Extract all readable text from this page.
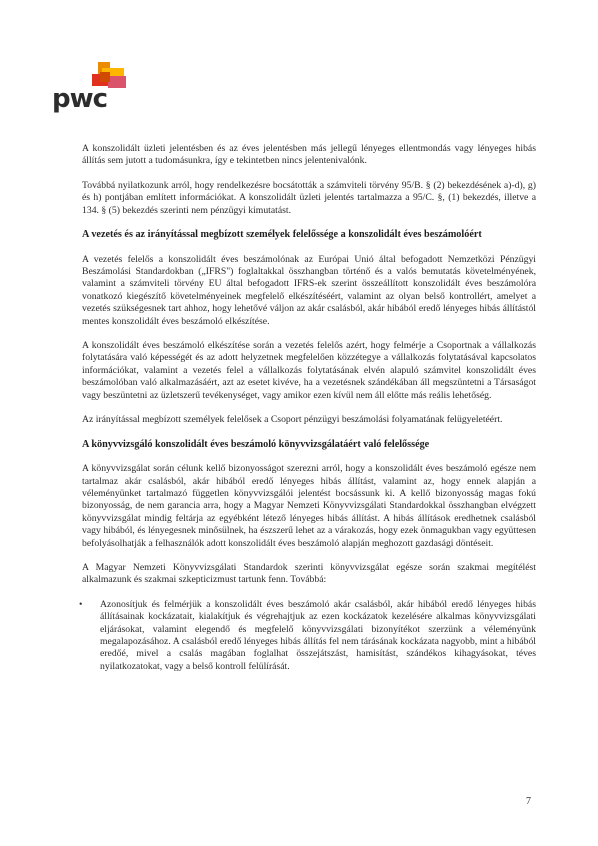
pwc

A konszolidált üzleti jelentésben és az éves jelentésben más jellegű lényeges ellentmondás vagy lényeges hibás állítás sem jutott a tudomásunkra, így e tekintetben nincs jelentenivalónk.

Továbbá nyilatkozunk arról, hogy rendelkezésre bocsátották a számviteli törvény 95/B. § (2) bekezdésének a)-d), g) és h) pontjában említett információkat. A konszolidált üzleti jelentés tartalmazza a 95/C. §, (1) bekezdés, illetve a 134. § (5) bekezdés szerinti nem pénzügyi kimutatást.

A vezetés és az irányítással megbízott személyek felelőssége a konszolidált éves beszámolóért

A vezetés felelős a konszolidált éves beszámolónak az Európai Unió által befogadott Nemzetközi Pénzügyi Beszámolási Standardokban („IFRS") foglaltakkal összhangban történő és a valós bemutatás követelményének, valamint a számviteli törvény EU által befogadott IFRS-ek szerint összeállított konszolidált éves beszámolóra vonatkozó kiegészítő követelményeinek megfelelő elkészítéséért, valamint az olyan belső kontrollért, amelyet a vezetés szükségesnek tart ahhoz, hogy lehetővé váljon az akár csalásból, akár hibából eredő lényeges hibás állítástól mentes konszolidált éves beszámoló elkészítése.

A konszolidált éves beszámoló elkészítése során a vezetés felelős azért, hogy felmérje a Csoportnak a vállalkozás folytatására való képességét és az adott helyzetnek megfelelően közzétegye a vállalkozás folytatásával kapcsolatos információkat, valamint a vezetés felel a vállalkozás folytatásának elvén alapuló számvitel konszolidált éves beszámolóban való alkalmazásáért, azt az esetet kivéve, ha a vezetésnek szándékában áll megszüntetni a Társaságot vagy beszüntetni az üzletszerű tevékenységet, vagy amikor ezen kívül nem áll előtte más reális lehetőség.

Az irányítással megbízott személyek felelősek a Csoport pénzügyi beszámolási folyamatának felügyeletéért.

A könyvvizsgáló konszolidált éves beszámoló könyvvizsgálatáért való felelőssége

A könyvvizsgálat során célunk kellő bizonyosságot szerezni arról, hogy a konszolidált éves beszámoló egésze nem tartalmaz akár csalásból, akár hibából eredő lényeges hibás állítást, valamint az, hogy ennek alapján a véleményünket tartalmazó független könyvvizsgálói jelentést bocsássunk ki. A kellő bizonyosság magas fokú bizonyosság, de nem garancia arra, hogy a Magyar Nemzeti Könyvvizsgálati Standardokkal összhangban elvégzett könyvvizsgálat mindig feltárja az egyébként létező lényeges hibás állítást. A hibás állítások eredhetnek csalásból vagy hibából, és lényegesnek minősülnek, ha észszerű lehet az a várakozás, hogy ezek önmagukban vagy együttesen befolyásolhatják a felhasználók adott konszolidált éves beszámoló alapján meghozott gazdasági döntéseit.

A Magyar Nemzeti Könyvvizsgálati Standardok szerinti könyvvizsgálat egésze során szakmai megítélést alkalmazunk és szakmai szkepticizmust tartunk fenn. Továbbá:

• Azonosítjuk és felmérjük a konszolidált éves beszámoló akár csalásból, akár hibából eredő lényeges hibás állításainak kockázatait, kialakítjuk és végrehajtjuk az ezen kockázatok kezelésére alkalmas könyvvizsgálati eljárásokat, valamint elegendő és megfelelő könyvvizsgálati bizonyítékot szerzünk a véleményünk megalapozásához. A csalásból eredő lényeges hibás állítás fel nem tárásának kockázata nagyobb, mint a hibából eredőé, mivel a csalás magában foglalhat összejátszást, hamisítást, szándékos kihagyásokat, téves nyilatkozatokat, vagy a belső kontroll felülírását.
7
